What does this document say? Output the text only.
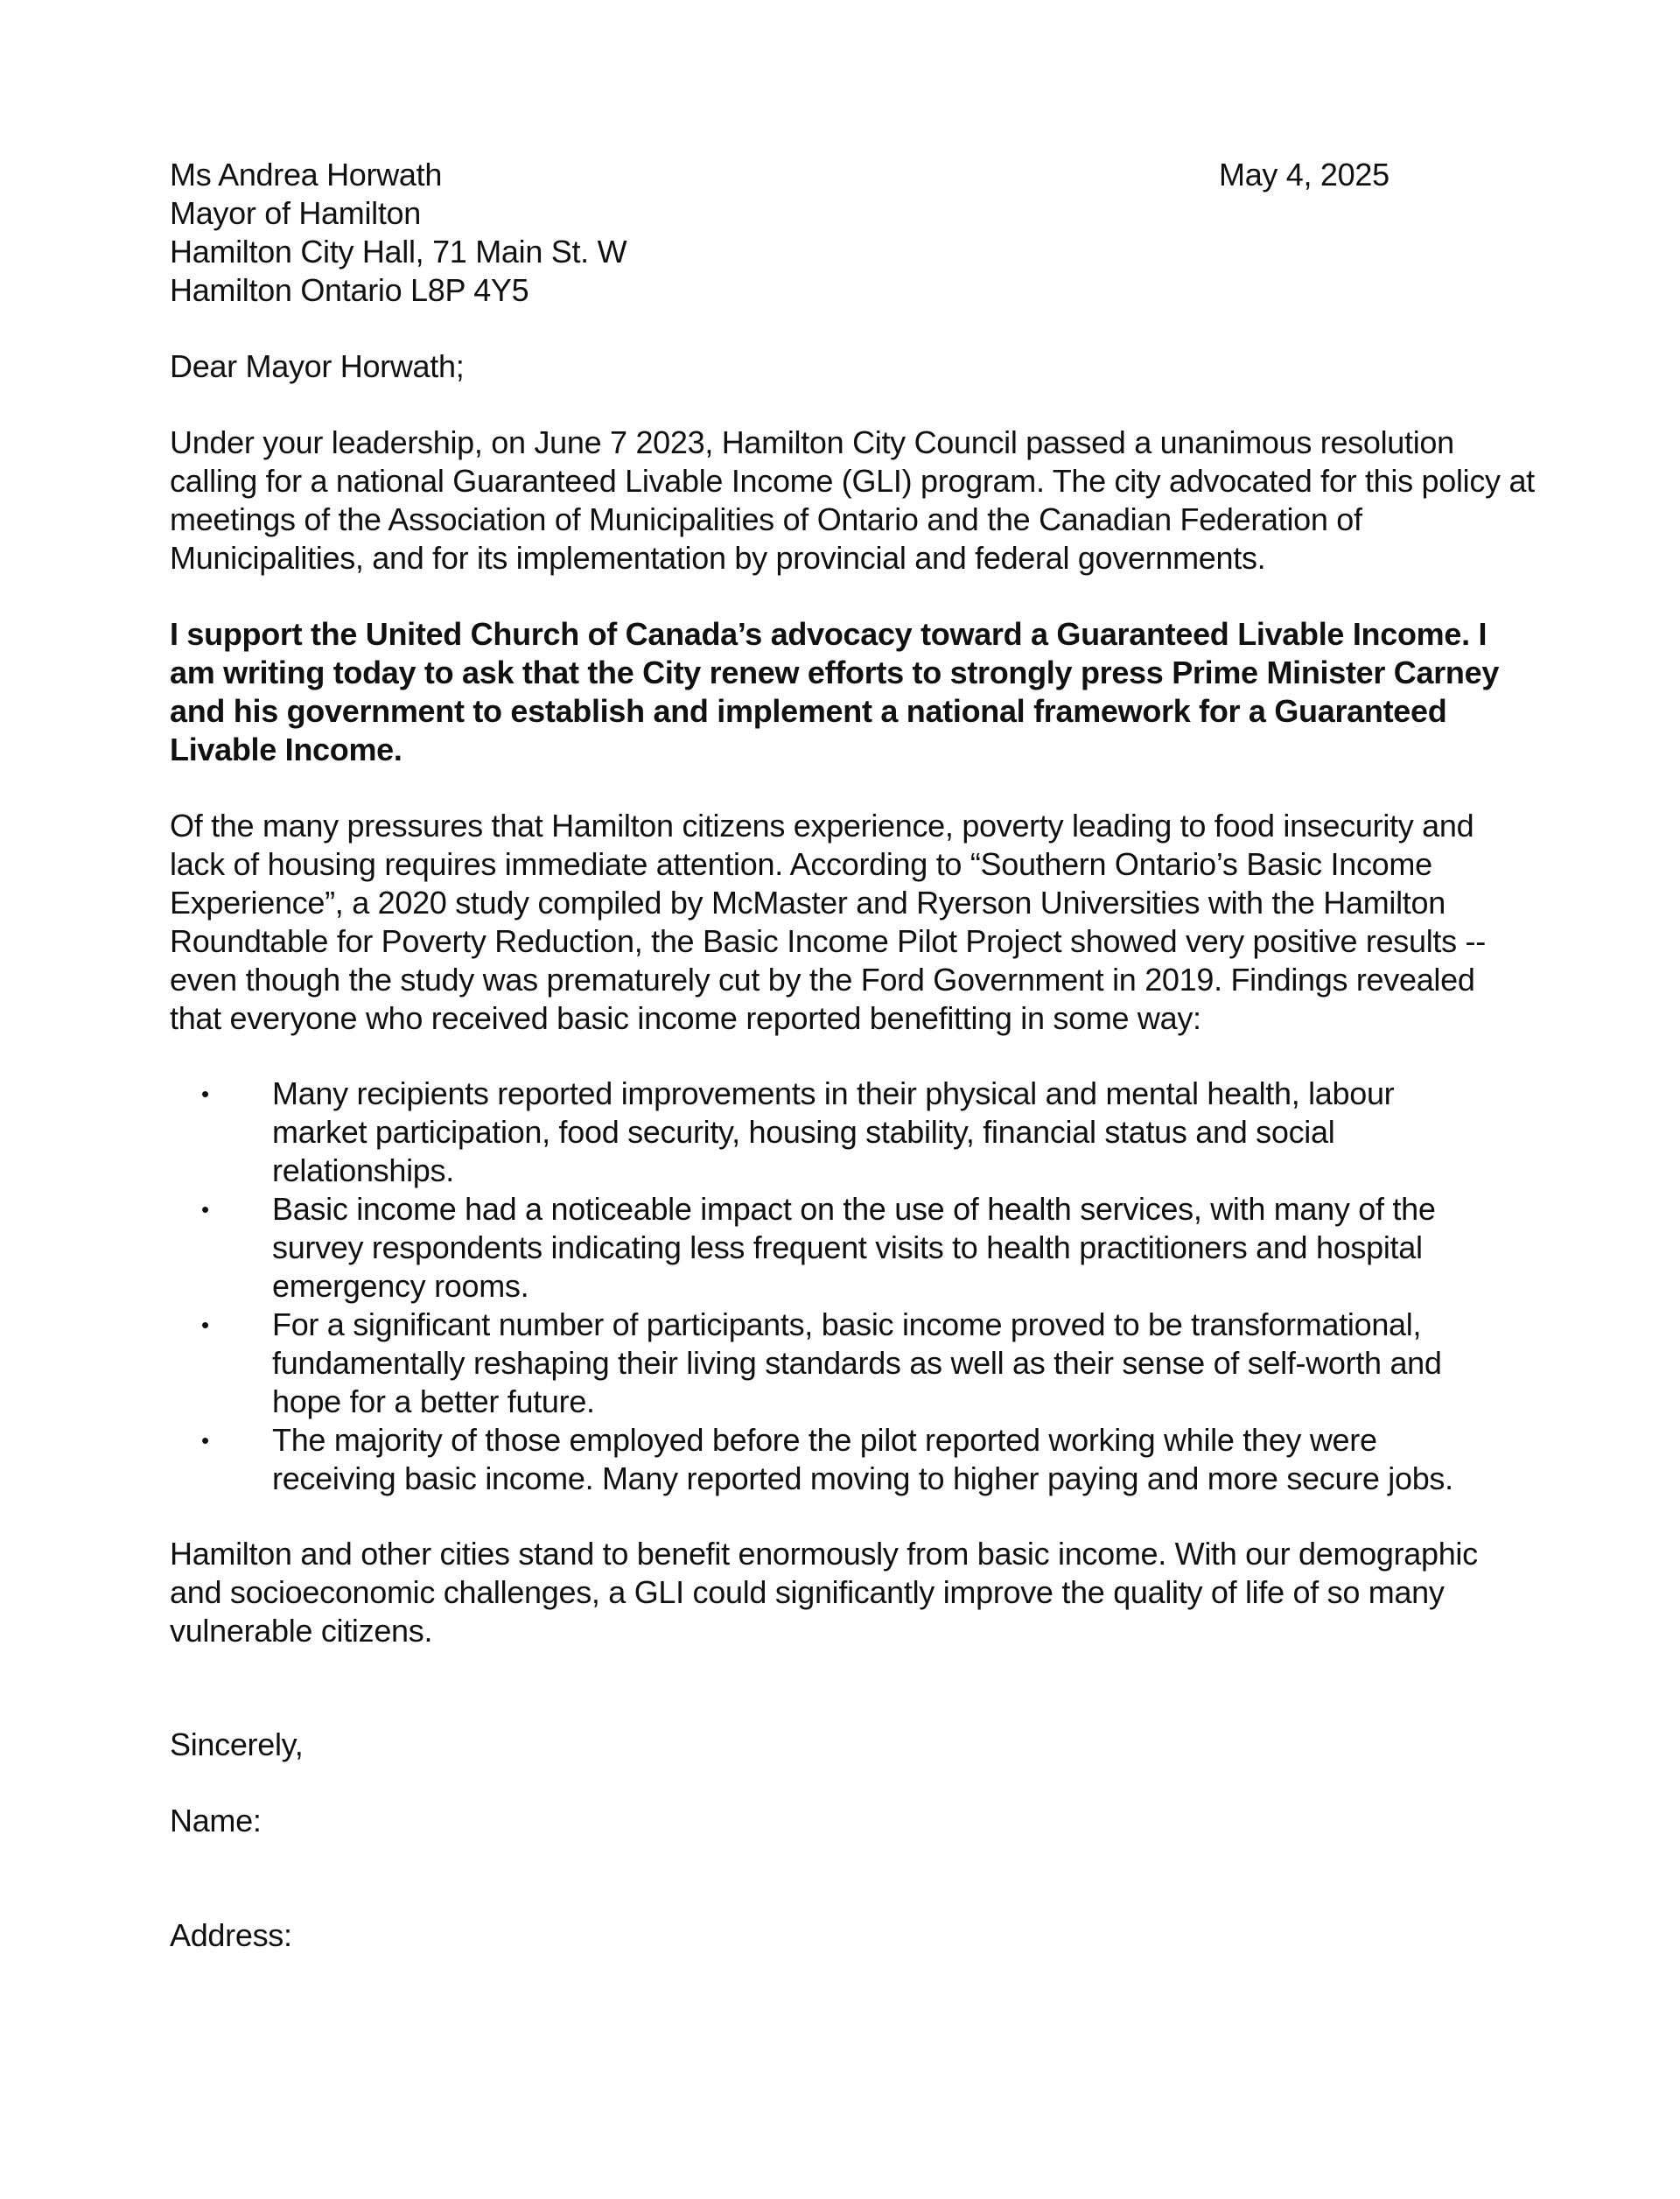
Ms Andrea Horwath
Mayor of Hamilton
Hamilton City Hall, 71 Main St. W
Hamilton Ontario L8P 4Y5

May 4, 2025

Dear Mayor Horwath;

Under your leadership, on June 7 2023, Hamilton City Council passed a unanimous resolution calling for a national Guaranteed Livable Income (GLI) program. The city advocated for this policy at meetings of the Association of Municipalities of Ontario and the Canadian Federation of Municipalities, and for its implementation by provincial and federal governments.

I support the United Church of Canada’s advocacy toward a Guaranteed Livable Income. I am writing today to ask that the City renew efforts to strongly press Prime Minister Carney and his government to establish and implement a national framework for a Guaranteed Livable Income.

Of the many pressures that Hamilton citizens experience, poverty leading to food insecurity and lack of housing requires immediate attention. According to “Southern Ontario’s Basic Income Experience”, a 2020 study compiled by McMaster and Ryerson Universities with the Hamilton Roundtable for Poverty Reduction, the Basic Income Pilot Project showed very positive results -- even though the study was prematurely cut by the Ford Government in 2019. Findings revealed that everyone who received basic income reported benefitting in some way:

• Many recipients reported improvements in their physical and mental health, labour market participation, food security, housing stability, financial status and social relationships.
• Basic income had a noticeable impact on the use of health services, with many of the survey respondents indicating less frequent visits to health practitioners and hospital emergency rooms.
• For a significant number of participants, basic income proved to be transformational, fundamentally reshaping their living standards as well as their sense of self-worth and hope for a better future.
• The majority of those employed before the pilot reported working while they were receiving basic income. Many reported moving to higher paying and more secure jobs.

Hamilton and other cities stand to benefit enormously from basic income. With our demographic and socioeconomic challenges, a GLI could significantly improve the quality of life of so many vulnerable citizens.

Sincerely,

Name:

Address:
